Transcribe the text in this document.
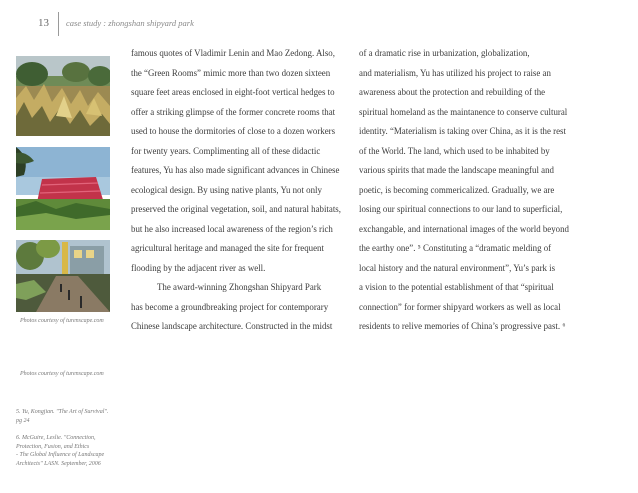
13 case study : zhongshan shipyard park
Photos courtesy of turenscape.com
Photos courtesy of turenscape.com
5. Yu, Kongjian. "The Art of Survival".
pg 24
6. McGuire, Leslie. "Connection,
Protection, Fusion, and Ethics
- The Global Influence of Landscape
Architects" LASN. September, 2006
famous quotes of Vladimir Lenin and Mao Zedong. Also,
the “Green Rooms” mimic more than two dozen sixteen
square feet areas enclosed in eight-foot vertical hedges to
offer a striking glimpse of the former concrete rooms that
used to house the dormitories of close to a dozen workers
for twenty years. Complimenting all of these didactic
features, Yu has also made significant advances in Chinese
ecological design. By using native plants, Yu not only
preserved the original vegetation, soil, and natural habitats,
but he also increased local awareness of the region’s rich
agricultural heritage and managed the site for frequent
flooding by the adjacent river as well.
The award-winning Zhongshan Shipyard Park
has become a groundbreaking project for contemporary
Chinese landscape architecture. Constructed in the midst
of a dramatic rise in urbanization, globalization,
and materialism, Yu has utilized his project to raise an
awareness about the protection and rebuilding of the
spiritual homeland as the maintanence to conserve cultural
identity. “Materialism is taking over China, as it is the rest
of the World. The land, which used to be inhabited by
various spirits that made the landscape meaningful and
poetic, is becoming commericalized. Gradually, we are
losing our spiritual connections to our land to superficial,
exchangable, and international images of the world beyond
the earthy one”. ⁵ Constituting a “dramatic melding of
local history and the natural environment”, Yu’s park is
a vision to the potential establishment of that “spiritual
connection” for former shipyard workers as well as local
residents to relive memories of China’s progressive past. ⁶
